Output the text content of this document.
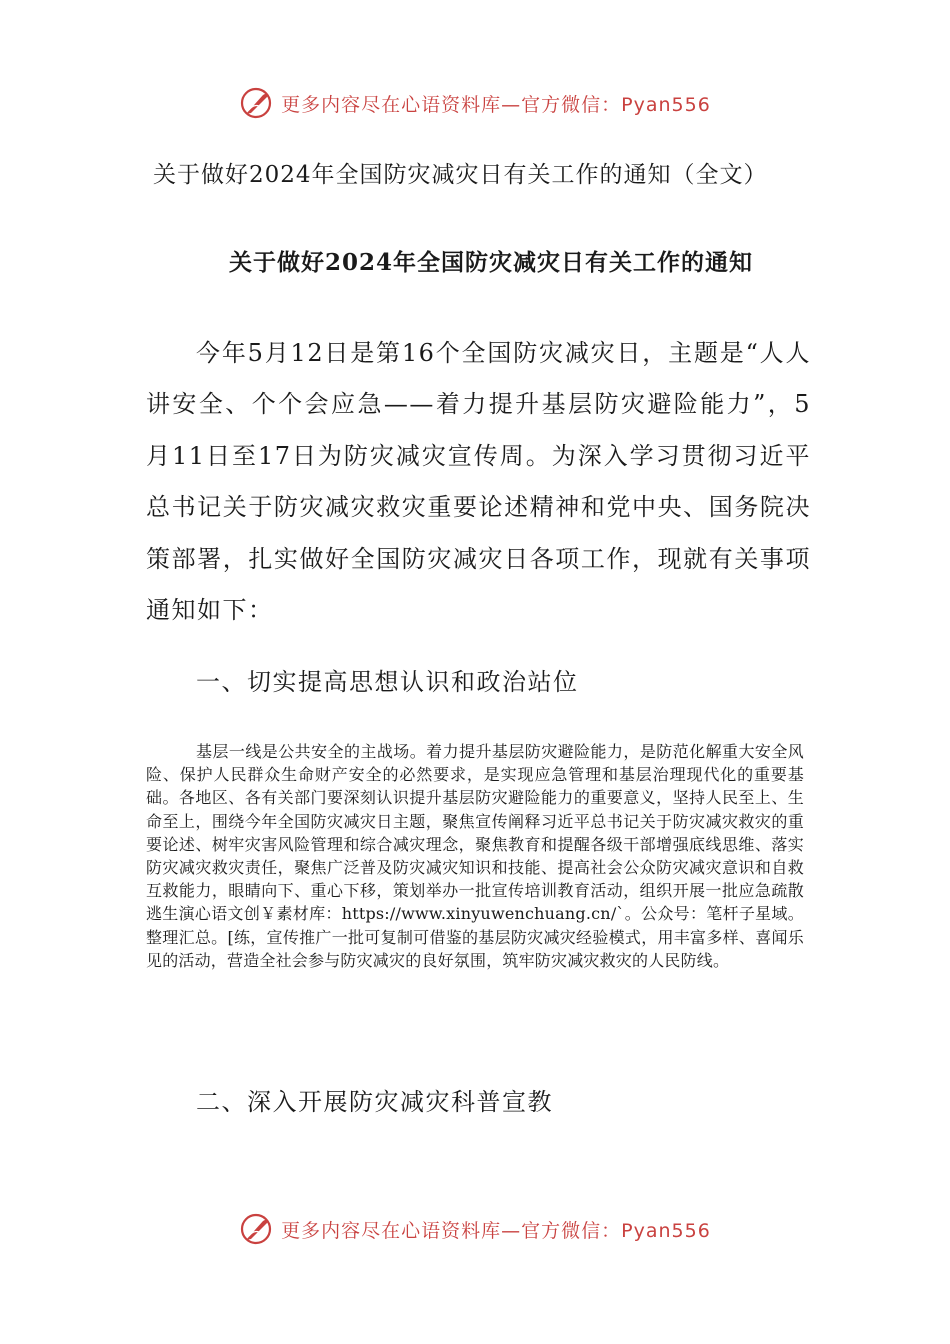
更多内容尽在心语资料库—官方微信：Pyan556
关于做好2024年全国防灾减灾日有关工作的通知（全文）
关于做好2024年全国防灾减灾日有关工作的通知

今年5月12日是第16个全国防灾减灾日，主题是“人人讲安全、个个会应急——着力提升基层防灾避险能力”，5月11日至17日为防灾减灾宣传周。为深入学习贯彻习近平总书记关于防灾减灾救灾重要论述精神和党中央、国务院决策部署，扎实做好全国防灾减灾日各项工作，现就有关事项通知如下：

一、切实提高思想认识和政治站位

基层一线是公共安全的主战场。着力提升基层防灾避险能力，是防范化解重大安全风险、保护人民群众生命财产安全的必然要求，是实现应急管理和基层治理现代化的重要基础。各地区、各有关部门要深刻认识提升基层防灾避险能力的重要意义，坚持人民至上、生命至上，围绕今年全国防灾减灾日主题，聚焦宣传阐释习近平总书记关于防灾减灾救灾的重要论述、树牢灾害风险管理和综合减灾理念，聚焦教育和提醒各级干部增强底线思维、落实防灾减灾救灾责任，聚焦广泛普及防灾减灾知识和技能、提高社会公众防灾减灾意识和自救互救能力，眼睛向下、重心下移，策划举办一批宣传培训教育活动，组织开展一批应急疏散逃生演心语文创￥素材库：https://www.xinyuwenchuang.cn/`。公众号：笔杆子星域。整理汇总。[练，宣传推广一批可复制可借鉴的基层防灾减灾经验模式，用丰富多样、喜闻乐见的活动，营造全社会参与防灾减灾的良好氛围，筑牢防灾减灾救灾的人民防线。

二、深入开展防灾减灾科普宣教

更多内容尽在心语资料库—官方微信：Pyan556
